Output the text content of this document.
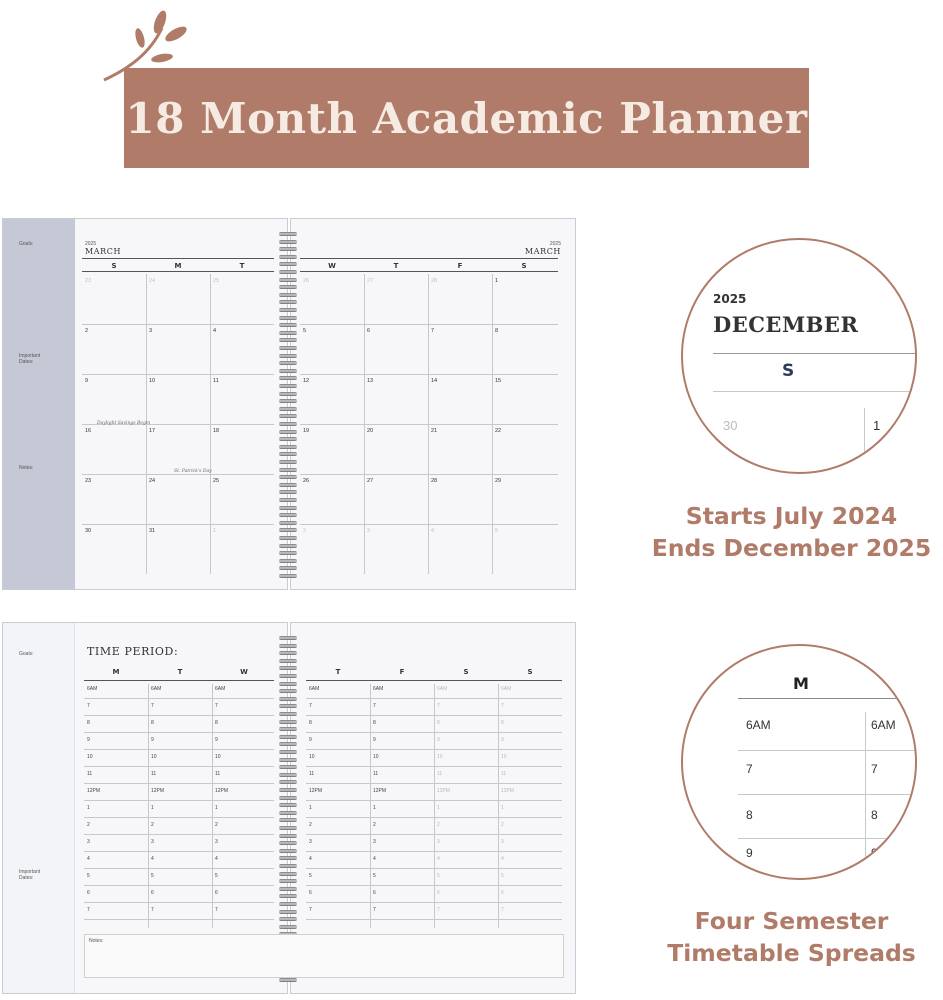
18 Month Academic Planner
Goals:
Important
Dates:
Notes:
2025
MARCH
2025
MARCH
S	M	T	W	T	F	S
23	24	25	26	27	28	1
2	3	4	5	6	7	8
9	10	11	12	13	14	15
16	17	18	19	20	21	22
23	24	25	26	27	28	29
30	31	1	2	3	4	5
Daylight Savings Begin
St. Patrick's Day
Goals:
Important
Dates:
TIME PERIOD:
M	T	W	T	F	S	S
6AM	6AM	6AM	6AM	6AM	6AM	6AM
7	7	7	7	7	7	7
8	8	8	8	8	8	8
9	9	9	9	9	9	9
10	10	10	10	10	10	10
11	11	11	11	11	11	11
12PM	12PM	12PM	12PM	12PM	12PM	12PM
1	1	1	1	1	1	1
2	2	2	2	2	2	2
3	3	3	3	3	3	3
4	4	4	4	4	4	4
5	5	5	5	5	5	5
6	6	6	6	6	6	6
7	7	7	7	7	7	7
Notes:
2025
DECEMBER
S
30	1
Starts July 2024
Ends December 2025
M
6AM	6AM
7	7
8	8
9	9
Four Semester
Timetable Spreads
